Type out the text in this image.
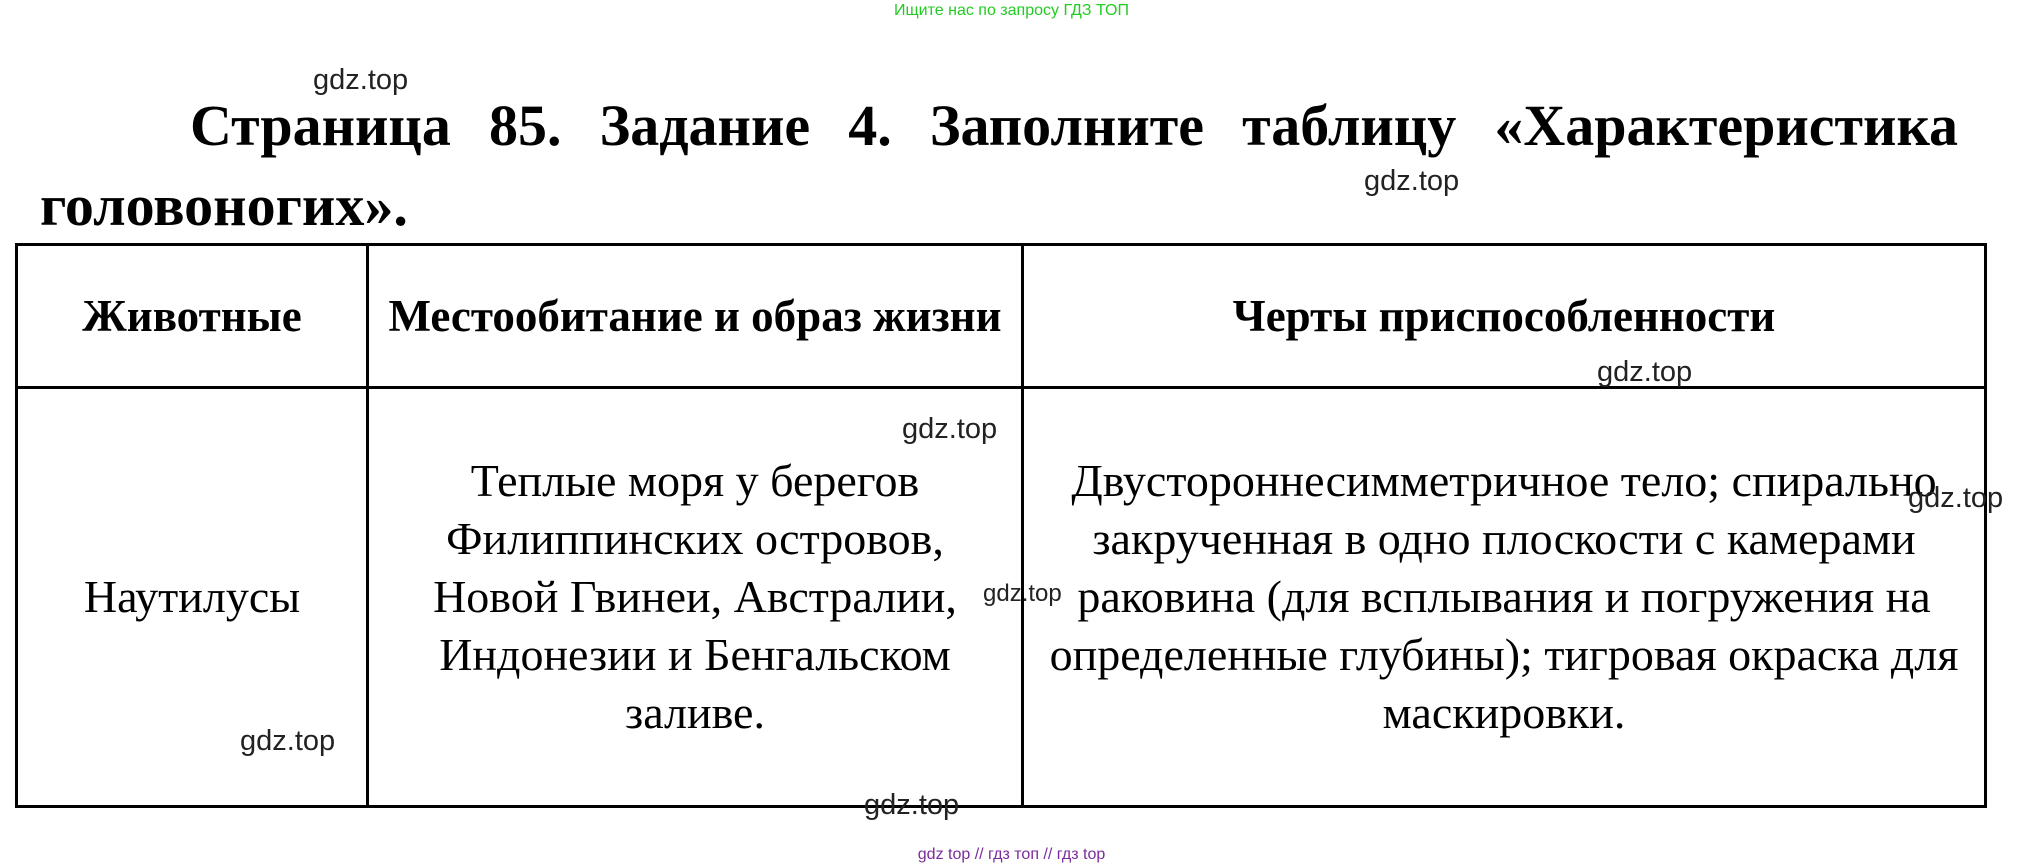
Ищите нас по запросу ГДЗ ТОП
Страница 85. Задание 4. Заполните таблицу «Характеристика
головоногих».
Животные	Местообитание и образ жизни	Черты приспособленности
Наутилусы	Теплые моря у берегов Филиппинских островов, Новой Гвинеи, Австралии, Индонезии и Бенгальском заливе.	Двустороннесимметричное тело; спирально закрученная в одно плоскости с камерами раковина (для всплывания и погружения на определенные глубины); тигровая окраска для маскировки.
gdz.top
gdz.top
gdz.top
gdz.top
gdz.top
gdz.top
gdz.top
gdz.top
gdz top // гдз топ // гдз top
